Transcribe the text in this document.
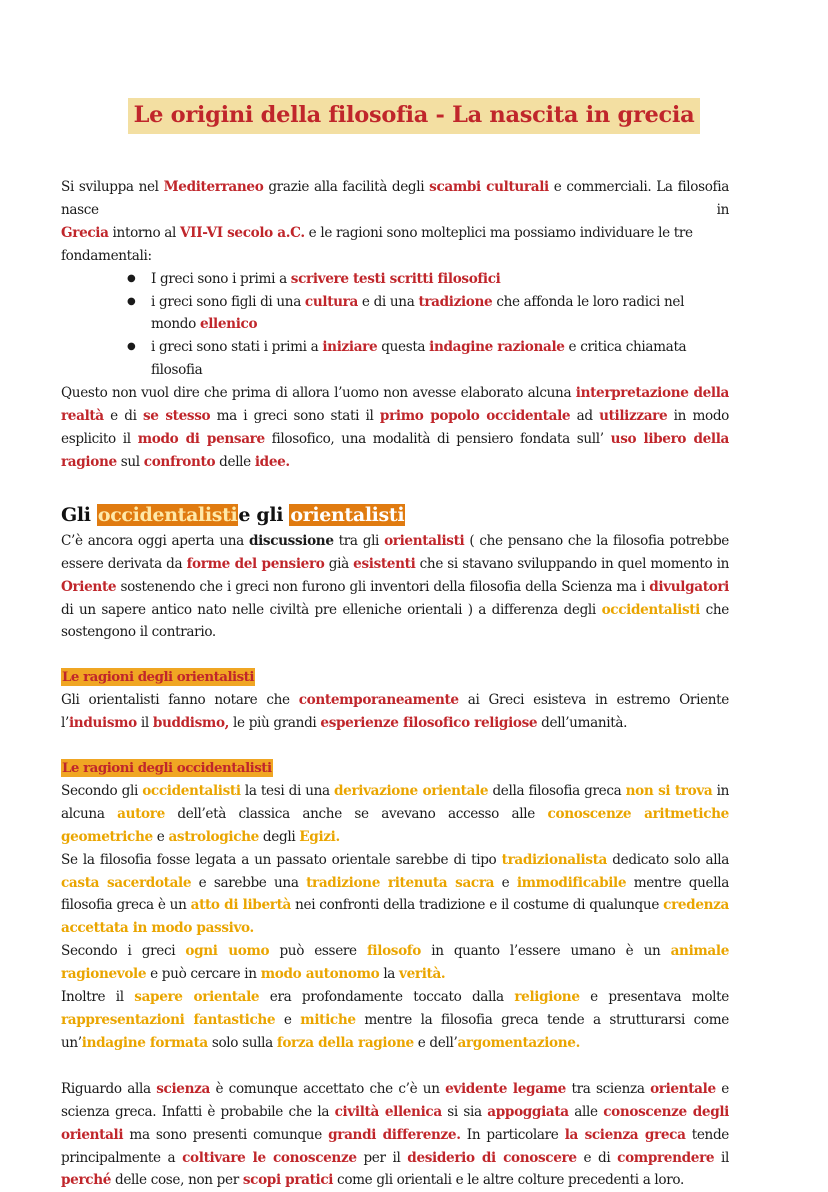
Le origini della filosofia - La nascita in grecia

Si sviluppa nel Mediterraneo grazie alla facilità degli scambi culturali e commerciali. La filosofia nasce in

Grecia intorno al VII-VI secolo a.C. e le ragioni sono molteplici ma possiamo individuare le tre fondamentali:

● I greci sono i primi a scrivere testi scritti filosofici
● i greci sono figli di una cultura e di una tradizione che affonda le loro radici nel mondo ellenico
● i greci sono stati i primi a iniziare questa indagine razionale e critica chiamata filosofia

Questo non vuol dire che prima di allora l’uomo non avesse elaborato alcuna interpretazione della realtà e di se stesso ma i greci sono stati il primo popolo occidentale ad utilizzare in modo esplicito il modo di pensare filosofico, una modalità di pensiero fondata sull’ uso libero della ragione sul confronto delle idee.

Gli occidentalistie gli orientalisti

C’è ancora oggi aperta una discussione tra gli orientalisti ( che pensano che la filosofia potrebbe essere derivata da forme del pensiero già esistenti che si stavano sviluppando in quel momento in Oriente sostenendo che i greci non furono gli inventori della filosofia della Scienza ma i divulgatori di un sapere antico nato nelle civiltà pre elleniche orientali ) a differenza degli occidentalisti che sostengono il contrario.

Le ragioni degli orientalisti

Gli orientalisti fanno notare che contemporaneamente ai Greci esisteva in estremo Oriente l’induismo il buddismo, le più grandi esperienze filosofico religiose dell’umanità.

Le ragioni degli occidentalisti

Secondo gli occidentalisti la tesi di una derivazione orientale della filosofia greca non si trova in alcuna autore dell’età classica anche se avevano accesso alle conoscenze aritmetiche geometriche e astrologiche degli Egizi.

Se la filosofia fosse legata a un passato orientale sarebbe di tipo tradizionalista dedicato solo alla casta sacerdotale e sarebbe una tradizione ritenuta sacra e immodificabile mentre quella filosofia greca è un atto di libertà nei confronti della tradizione e il costume di qualunque credenza accettata in modo passivo.

Secondo i greci ogni uomo può essere filosofo in quanto l’essere umano è un animale ragionevole e può cercare in modo autonomo la verità.

Inoltre il sapere orientale era profondamente toccato dalla religione e presentava molte rappresentazioni fantastiche e mitiche mentre la filosofia greca tende a strutturarsi come un’indagine formata solo sulla forza della ragione e dell’argomentazione.

Riguardo alla scienza è comunque accettato che c’è un evidente legame tra scienza orientale e scienza greca. Infatti è probabile che la civiltà ellenica si sia appoggiata alle conoscenze degli orientali ma sono presenti comunque grandi differenze. In particolare la scienza greca tende principalmente a coltivare le conoscenze per il desiderio di conoscere e di comprendere il perché delle cose, non per scopi pratici come gli orientali e le altre colture precedenti a loro.
